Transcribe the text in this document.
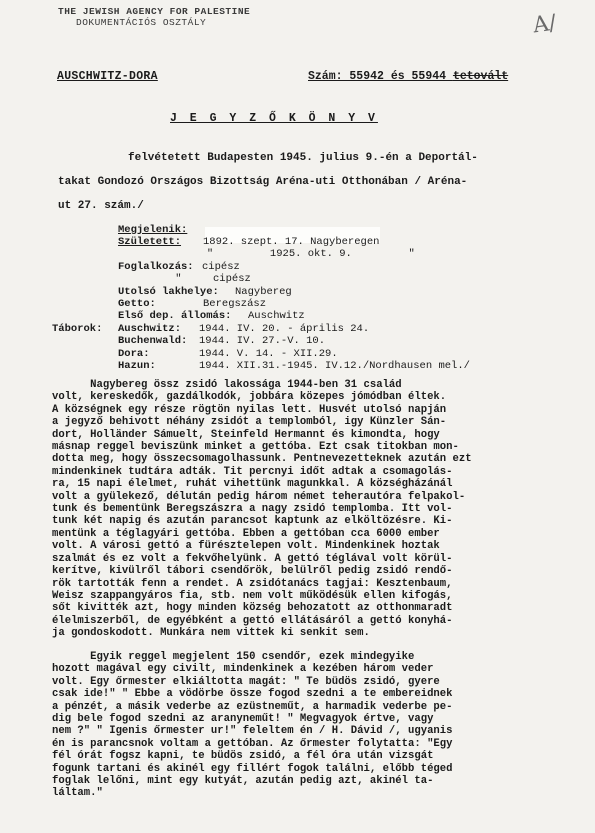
THE JEWISH AGENCY FOR PALESTINE
DOKUMENTÁCIÓS OSZTÁLY	A/
AUSCHWITZ-DORA	Szám: 55942 és 55944 tetovált
J E G Y Z Ő K Ö N Y V
felvétetett Budapesten 1945. julius 9.-én a Deportál-
takat Gondozó Országos Bizottság Aréna-uti Otthonában / Aréna-
ut 27. szám./
Megjelenik:
Született: 1892. szept. 17. Nagyberegen
"         1925. okt. 9.         "
Foglalkozás: cipész
"     cipész
Utolsó lakhelye: Nagybereg
Getto:	Beregszász
Első dep. állomás: Auschwitz
Táborok: Auschwitz: 1944. IV. 20. - április 24.
Buchenwald: 1944. IV. 27.-V. 10.
Dora:	1944. V. 14. - XII.29.
Hazun:	1944. XII.31.-1945. IV.12./Nordhausen mel./
Nagybereg össz zsidó lakossága 1944-ben 31 család
volt, kereskedők, gazdálkodók, jobbára közepes jómódban éltek.
A községnek egy része rögtön nyilas lett. Husvét utolsó napján
a jegyző behivott néhány zsidót a templomból, igy Künzler Sán-
dort, Holländer Sámuelt, Steinfeld Hermannt és kimondta, hogy
másnap reggel beviszünk minket a gettóba. Ezt csak titokban mon-
dotta meg, hogy összecsomagolhassunk. Pentnevezetteknek azután ezt
mindenkinek tudtára adták. Tit percnyi időt adtak a csomagolás-
ra, 15 napi élelmet, ruhát vihettünk magunkkal. A községházánál
volt a gyülekező, délután pedig három német teherautóra felpakol-
tunk és bementünk Beregszászra a nagy zsidó templomba. Itt vol-
tunk két napig és azután parancsot kaptunk az elköltözésre. Ki-
mentünk a téglagyári gettóba. Ebben a gettóban cca 6000 ember
volt. A városi gettó a fürésztelepen volt. Mindenkinek hoztak
szalmát és ez volt a fekvőhelyünk. A gettó téglával volt körül-
kerítve, kivülről tábori csendőrök, belülről pedig zsidó rendő-
rök tartották fenn a rendet. A zsidótanács tagjai: Kesztenbaum,
Weisz szappangyáros fia, stb. nem volt működésük ellen kifogás,
sőt kivitték azt, hogy minden község behozatott az otthonmaradt
élelmiszerből, de egyébként a gettó ellátásáról a gettó konyhá-
ja gondoskodott. Munkára nem vittek ki senkit sem.
Egyik reggel megjelent 150 csendőr, ezek mindegyike
hozott magával egy civilt, mindenkinek a kezében három veder
volt. Egy őrmester elkiáltotta magát: " Te büdös zsidó, gyere
csak ide!" " Ebbe a vödörbe össze fogod szedni a te embereidnek
a pénzét, a másik vederbe az ezüstneműt, a harmadik vederbe pe-
dig bele fogod szedni az aranyneműt! " Megvagyok értve, vagy
nem ?" " Igenis őrmester ur!" feleltem én / H. Dávid /, ugyanis
én is parancsnok voltam a gettóban. Az őrmester folytatta: "Egy
fél órát fogsz kapni, te büdös zsidó, a fél óra után vizsgát
fogunk tartani és akinél egy fillért fogok találni, előbb téged
foglak lelőni, mint egy kutyát, azután pedig azt, akinél ta-
láltam."
